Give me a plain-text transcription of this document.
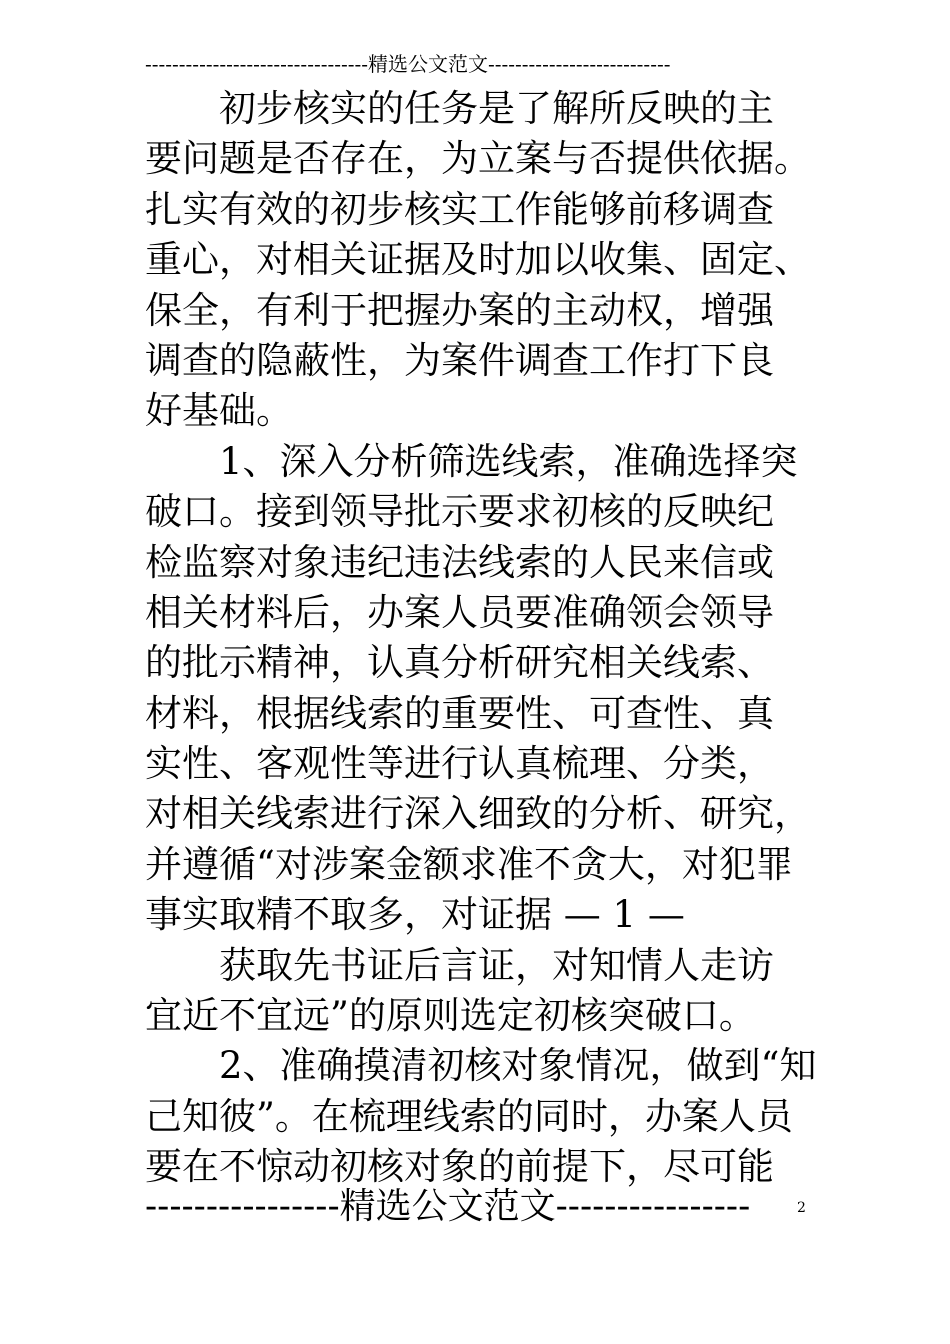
---------------------------------精选公文范文---------------------------
　　初步核实的任务是了解所反映的主
要问题是否存在，为立案与否提供依据。
扎实有效的初步核实工作能够前移调查
重心，对相关证据及时加以收集、固定、
保全，有利于把握办案的主动权，增强
调查的隐蔽性，为案件调查工作打下良
好基础。
　　1、深入分析筛选线索，准确选择突
破口。接到领导批示要求初核的反映纪
检监察对象违纪违法线索的人民来信或
相关材料后，办案人员要准确领会领导
的批示精神，认真分析研究相关线索、
材料，根据线索的重要性、可查性、真
实性、客观性等进行认真梳理、分类，
对相关线索进行深入细致的分析、研究，
并遵循“对涉案金额求准不贪大，对犯罪
事实取精不取多，对证据 — 1 —
　　获取先书证后言证，对知情人走访
宜近不宜远”的原则选定初核突破口。
　　2、准确摸清初核对象情况，做到“知
己知彼”。在梳理线索的同时，办案人员
要在不惊动初核对象的前提下，尽可能
----------------精选公文范文----------------	2
